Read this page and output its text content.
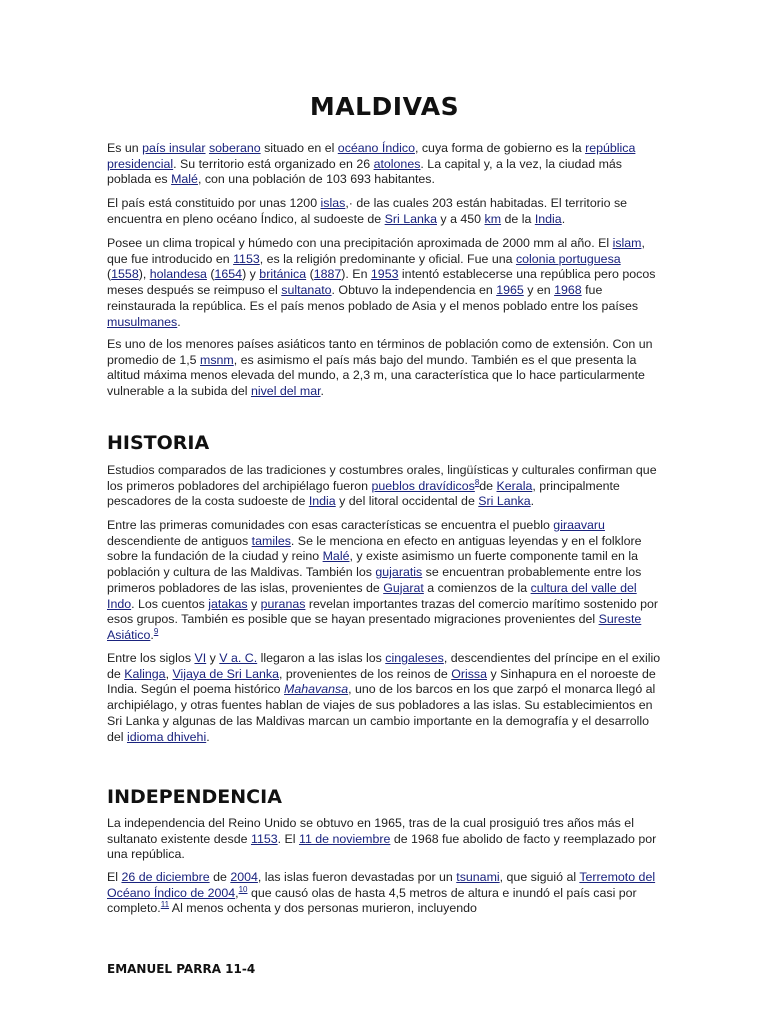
MALDIVAS

Es un país insular soberano situado en el océano Índico, cuya forma de gobierno es la república presidencial. Su territorio está organizado en 26 atolones. La capital y, a la vez, la ciudad más poblada es Malé, con una población de 103 693 habitantes.

El país está constituido por unas 1200 islas,· de las cuales 203 están habitadas. El territorio se encuentra en pleno océano Índico, al sudoeste de Sri Lanka y a 450 km de la India.

Posee un clima tropical y húmedo con una precipitación aproximada de 2000 mm al año. El islam, que fue introducido en 1153, es la religión predominante y oficial. Fue una colonia portuguesa (1558), holandesa (1654) y británica (1887). En 1953 intentó establecerse una república pero pocos meses después se reimpuso el sultanato. Obtuvo la independencia en 1965 y en 1968 fue reinstaurada la república. Es el país menos poblado de Asia y el menos poblado entre los países musulmanes.

Es uno de los menores países asiáticos tanto en términos de población como de extensión. Con un promedio de 1,5 msnm, es asimismo el país más bajo del mundo. También es el que presenta la altitud máxima menos elevada del mundo, a 2,3 m, una característica que lo hace particularmente vulnerable a la subida del nivel del mar.

HISTORIA

Estudios comparados de las tradiciones y costumbres orales, lingüísticas y culturales confirman que los primeros pobladores del archipiélago fueron pueblos dravídicos$^8$de Kerala, principalmente pescadores de la costa sudoeste de India y del litoral occidental de Sri Lanka.

Entre las primeras comunidades con esas características se encuentra el pueblo giraavaru descendiente de antiguos tamiles. Se le menciona en efecto en antiguas leyendas y en el folklore sobre la fundación de la ciudad y reino Malé, y existe asimismo un fuerte componente tamil en la población y cultura de las Maldivas. También los gujaratis se encuentran probablemente entre los primeros pobladores de las islas, provenientes de Gujarat a comienzos de la cultura del valle del Indo. Los cuentos jatakas y puranas revelan importantes trazas del comercio marítimo sostenido por esos grupos. También es posible que se hayan presentado migraciones provenientes del Sureste Asiático.$^9$

Entre los siglos VI y V a. C. llegaron a las islas los cingaleses, descendientes del príncipe en el exilio de Kalinga, Vijaya de Sri Lanka, provenientes de los reinos de Orissa y Sinhapura en el noroeste de India. Según el poema histórico Mahavansa, uno de los barcos en los que zarpó el monarca llegó al archipiélago, y otras fuentes hablan de viajes de sus pobladores a las islas. Su establecimientos en Sri Lanka y algunas de las Maldivas marcan un cambio importante en la demografía y el desarrollo del idioma dhivehi.

INDEPENDENCIA

La independencia del Reino Unido se obtuvo en 1965, tras de la cual prosiguió tres años más el sultanato existente desde 1153. El 11 de noviembre de 1968 fue abolido de facto y reemplazado por una república.

El 26 de diciembre de 2004, las islas fueron devastadas por un tsunami, que siguió al Terremoto del Océano Índico de 2004,10 que causó olas de hasta 4,5 metros de altura e inundó el país casi por completo.$^{11}$ Al menos ochenta y dos personas murieron, incluyendo

EMANUEL PARRA 11-4
